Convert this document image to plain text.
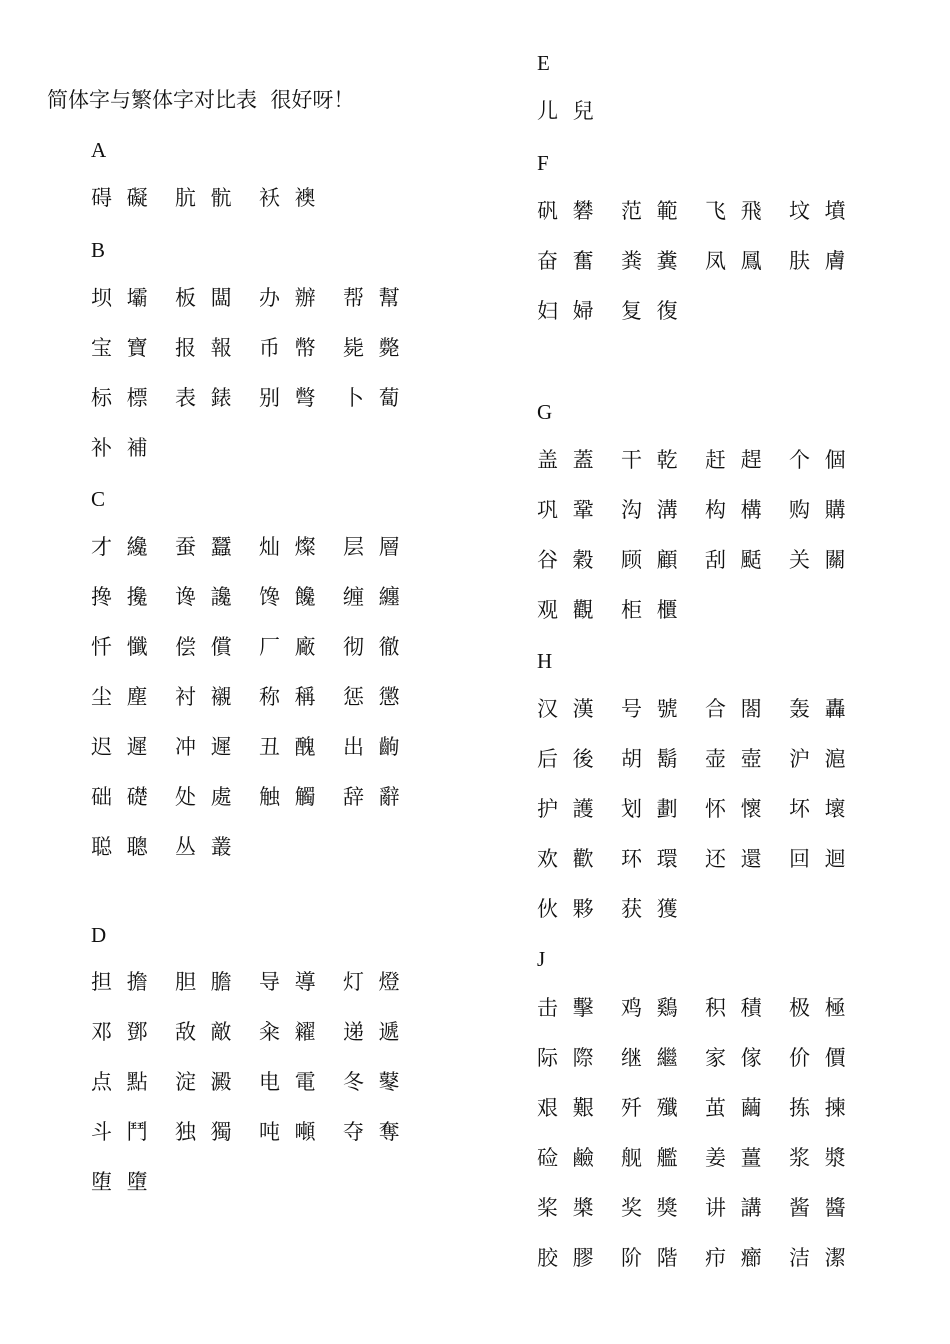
简体字与繁体字对比表  很好呀！
A
碍 礙	肮 骯	袄 襖
B
坝 壩	板 闆	办 辦	帮 幫
宝 寶	报 報	币 幣	毙 斃
标 標	表 錶	别 彆	卜 蔔
补 補
C
才 纔	蚕 蠶	灿 燦	层 層
搀 攙	谗 讒	馋 饞	缠 纏
忏 懺	偿 償	厂 廠	彻 徹
尘 塵	衬 襯	称 稱	惩 懲
迟 遲	冲 遲	丑 醜	出 齣
础 礎	处 處	触 觸	辞 辭
聪 聰	丛 叢
D
担 擔	胆 膽	导 導	灯 燈
邓 鄧	敌 敵	籴 糴	递 遞
点 點	淀 澱	电 電	冬 鼕
斗 鬥	独 獨	吨 噸	夺 奪
堕 墮
E
儿 兒
F
矾 礬	范 範	飞 飛	坟 墳
奋 奮	粪 糞	凤 鳳	肤 膚
妇 婦	复 復
G
盖 蓋	干 乾	赶 趕	个 個
巩 鞏	沟 溝	构 構	购 購
谷 穀	顾 顧	刮 颳	关 關
观 觀	柜 櫃
H
汉 漢	号 號	合 閤	轰 轟
后 後	胡 鬍	壶 壺	沪 滬
护 護	划 劃	怀 懷	坏 壞
欢 歡	环 環	还 還	回 迴
伙 夥	获 獲
J
击 擊	鸡 鷄	积 積	极 極
际 際	继 繼	家 傢	价 價
艰 艱	歼 殲	茧 繭	拣 揀
硷 鹼	舰 艦	姜 薑	浆 漿
桨 槳	奖 獎	讲 講	酱 醬
胶 膠	阶 階	疖 癤	洁 潔
